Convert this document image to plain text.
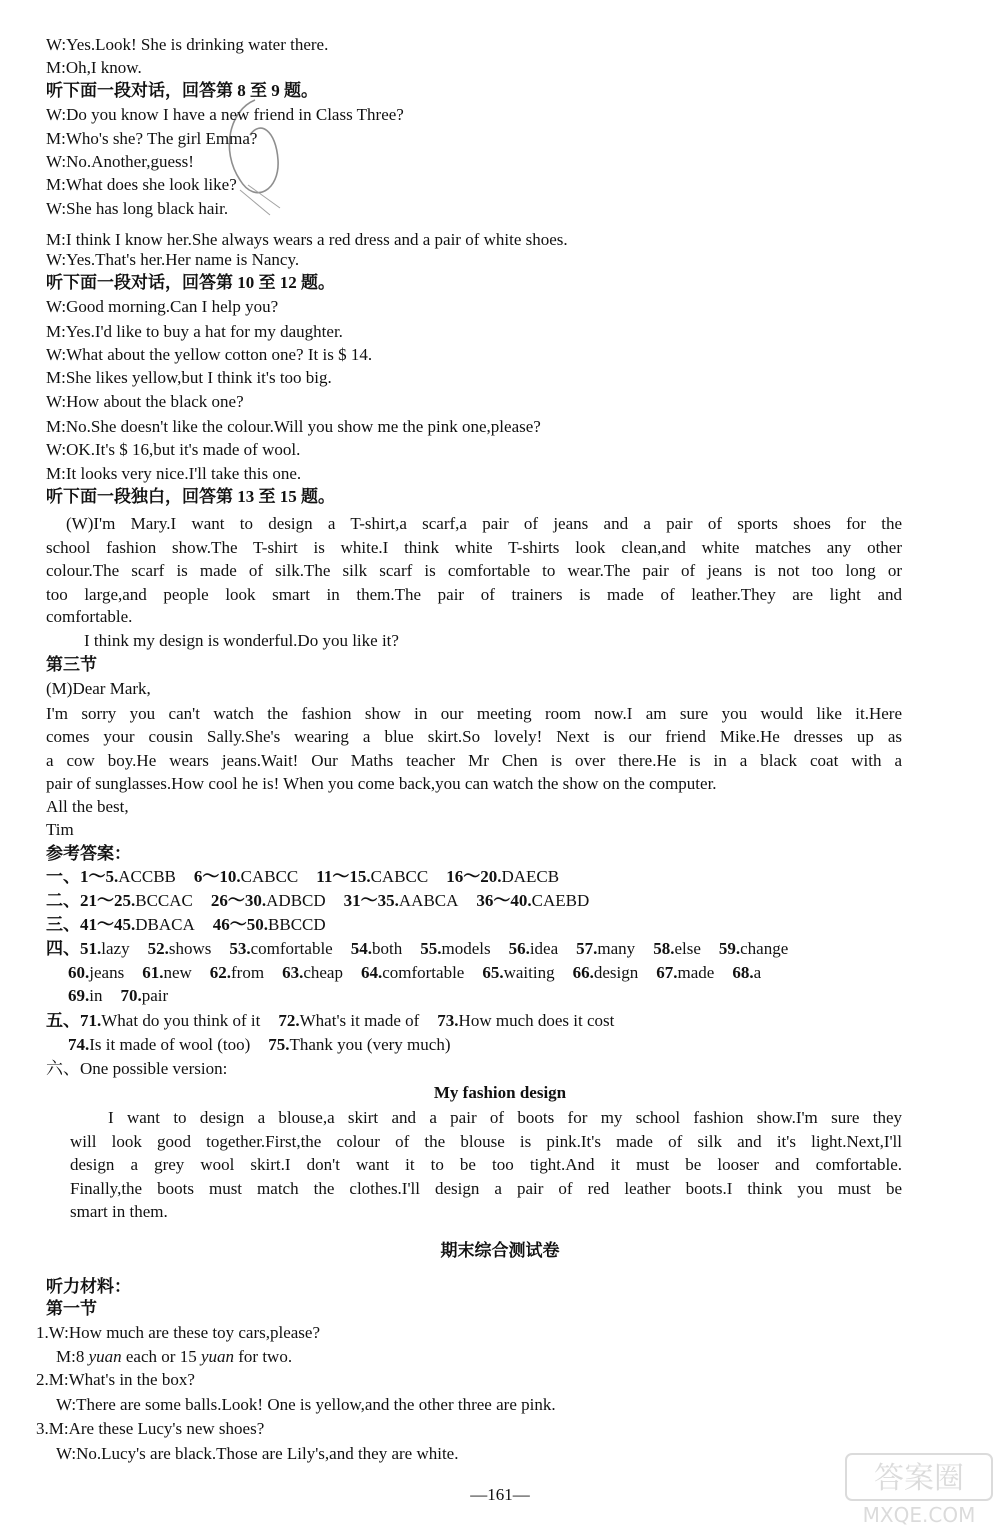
W:Yes.Look! She is drinking water there.
M:Oh,I know.
听下面一段对话，回答第 8 至 9 题。
W:Do you know I have a new friend in Class Three?
M:Who's she? The girl Emma?
W:No.Another,guess!
M:What does she look like?
W:She has long black hair.
M:I think I know her.She always wears a red dress and a pair of white shoes.
W:Yes.That's her.Her name is Nancy.
听下面一段对话，回答第 10 至 12 题。
W:Good morning.Can I help you?
M:Yes.I'd like to buy a hat for my daughter.
W:What about the yellow cotton one? It is $ 14.
M:She likes yellow,but I think it's too big.
W:How about the black one?
M:No.She doesn't like the colour.Will you show me the pink one,please?
W:OK.It's $ 16,but it's made of wool.
M:It looks very nice.I'll take this one.
听下面一段独白，回答第 13 至 15 题。
(W)I'm Mary.I want to design a T-shirt,a scarf,a pair of jeans and a pair of sports shoes for the
school fashion show.The T-shirt is white.I think white T-shirts look clean,and white matches any other
colour.The scarf is made of silk.The silk scarf is comfortable to wear.The pair of jeans is not too long or
too large,and people look smart in them.The pair of trainers is made of leather.They are light and
comfortable.
I think my design is wonderful.Do you like it?
第三节
(M)Dear Mark,
I'm sorry you can't watch the fashion show in our meeting room now.I am sure you would like it.Here
comes your cousin Sally.She's wearing a blue skirt.So lovely! Next is our friend Mike.He dresses up as
a cow boy.He wears jeans.Wait! Our Maths teacher Mr Chen is over there.He is in a black coat with a
pair of sunglasses.How cool he is! When you come back,you can watch the show on the computer.
All the best,
Tim
参考答案：
一、1～5.ACCBB 6～10.CABCC 11～15.CABCC 16～20.DAECB
二、21～25.BCCAC 26～30.ADBCD 31～35.AABCA 36～40.CAEBD
三、41～45.DBACA 46～50.BBCCD
四、51.lazy 52.shows 53.comfortable 54.both 55.models 56.idea 57.many 58.else 59.change
60.jeans 61.new 62.from 63.cheap 64.comfortable 65.waiting 66.design 67.made 68.a
69.in 70.pair
五、71.What do you think of it 72.What's it made of 73.How much does it cost
74.Is it made of wool (too) 75.Thank you (very much)
六、One possible version:
My fashion design
I want to design a blouse,a skirt and a pair of boots for my school fashion show.I'm sure they
will look good together.First,the colour of the blouse is pink.It's made of silk and it's light.Next,I'll
design a grey wool skirt.I don't want it to be too tight.And it must be looser and comfortable.
Finally,the boots must match the clothes.I'll design a pair of red leather boots.I think you must be
smart in them.
期末综合测试卷
听力材料：
第一节
1.W:How much are these toy cars,please?
M:8 yuan each or 15 yuan for two.
2.M:What's in the box?
W:There are some balls.Look! One is yellow,and the other three are pink.
3.M:Are these Lucy's new shoes?
W:No.Lucy's are black.Those are Lily's,and they are white.
—161—	答案圈
MXQE.COM
